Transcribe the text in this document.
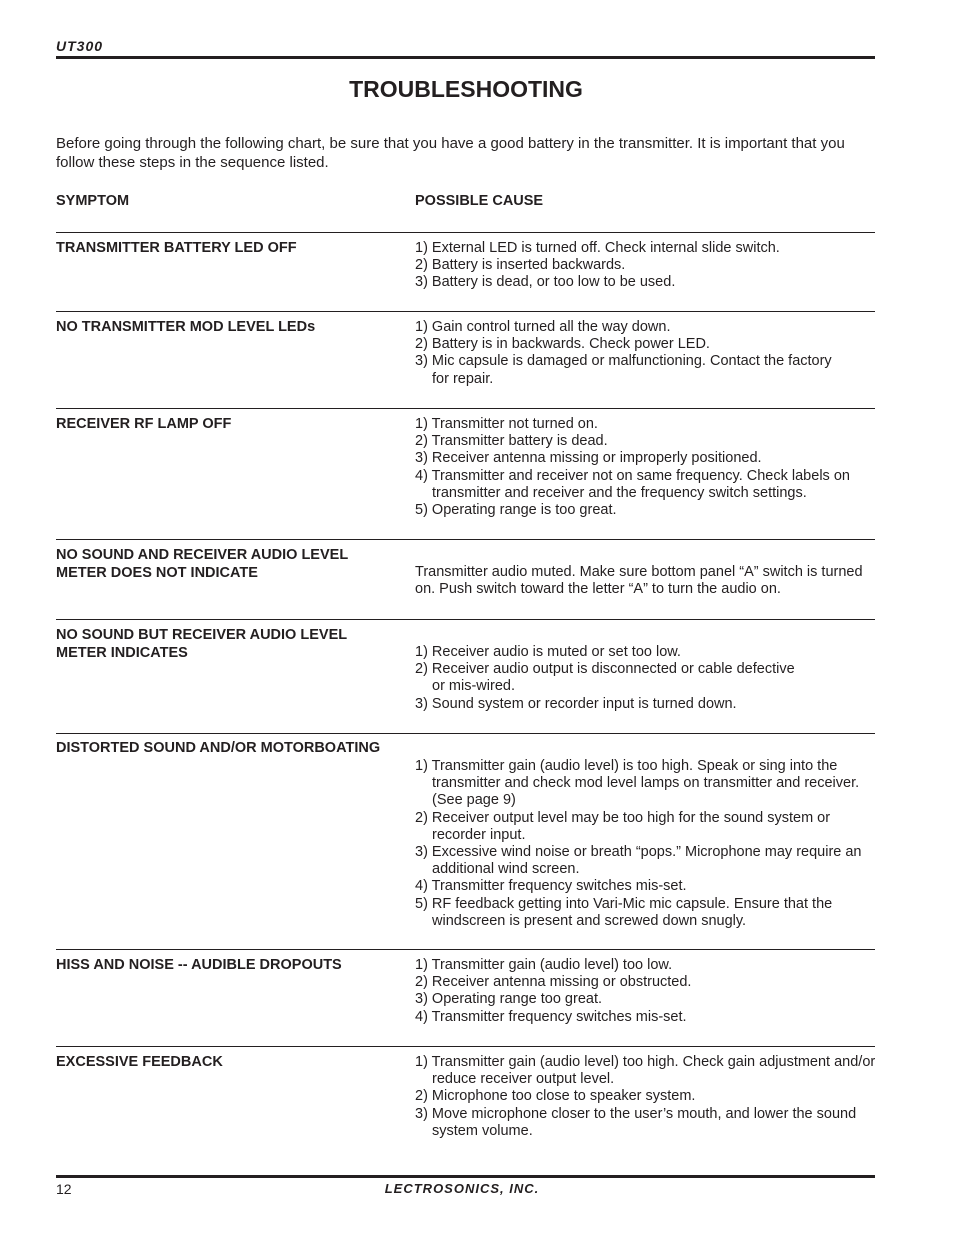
UT300
TROUBLESHOOTING
Before going through the following chart, be sure that you have a good battery in the transmitter. It is important that you follow these steps in the sequence listed.
SYMPTOM	POSSIBLE CAUSE
TRANSMITTER BATTERY LED OFF	1) External LED is turned off. Check internal slide switch.
2) Battery is inserted backwards.
3) Battery is dead, or too low to be used.
NO TRANSMITTER MOD LEVEL LEDs	1) Gain control turned all the way down.
2) Battery is in backwards. Check power LED.
3) Mic capsule is damaged or malfunctioning. Contact the factory for repair.
RECEIVER RF LAMP OFF	1) Transmitter not turned on.
2) Transmitter battery is dead.
3) Receiver antenna missing or improperly positioned.
4) Transmitter and receiver not on same frequency. Check labels on transmitter and receiver and the frequency switch settings.
5) Operating range is too great.
NO SOUND AND RECEIVER AUDIO LEVEL METER DOES NOT INDICATE	Transmitter audio muted. Make sure bottom panel “A” switch is turned on. Push switch toward the letter “A” to turn the audio on.
NO SOUND BUT RECEIVER AUDIO LEVEL METER INDICATES	1) Receiver audio is muted or set too low.
2) Receiver audio output is disconnected or cable defective or mis-wired.
3) Sound system or recorder input is turned down.
DISTORTED SOUND AND/OR MOTORBOATING
1) Transmitter gain (audio level) is too high. Speak or sing into the transmitter and check mod level lamps on transmitter and receiver. (See page 9)
2) Receiver output level may be too high for the sound system or recorder input.
3) Excessive wind noise or breath “pops.” Microphone may require an additional wind screen.
4) Transmitter frequency switches mis-set.
5) RF feedback getting into Vari-Mic mic capsule. Ensure that the windscreen is present and screwed down snugly.
HISS AND NOISE -- AUDIBLE DROPOUTS	1) Transmitter gain (audio level) too low.
2) Receiver antenna missing or obstructed.
3) Operating range too great.
4) Transmitter frequency switches mis-set.
EXCESSIVE FEEDBACK	1) Transmitter gain (audio level) too high. Check gain adjustment and/or reduce receiver output level.
2) Microphone too close to speaker system.
3) Move microphone closer to the user’s mouth, and lower the sound system volume.
12	LECTROSONICS, INC.
